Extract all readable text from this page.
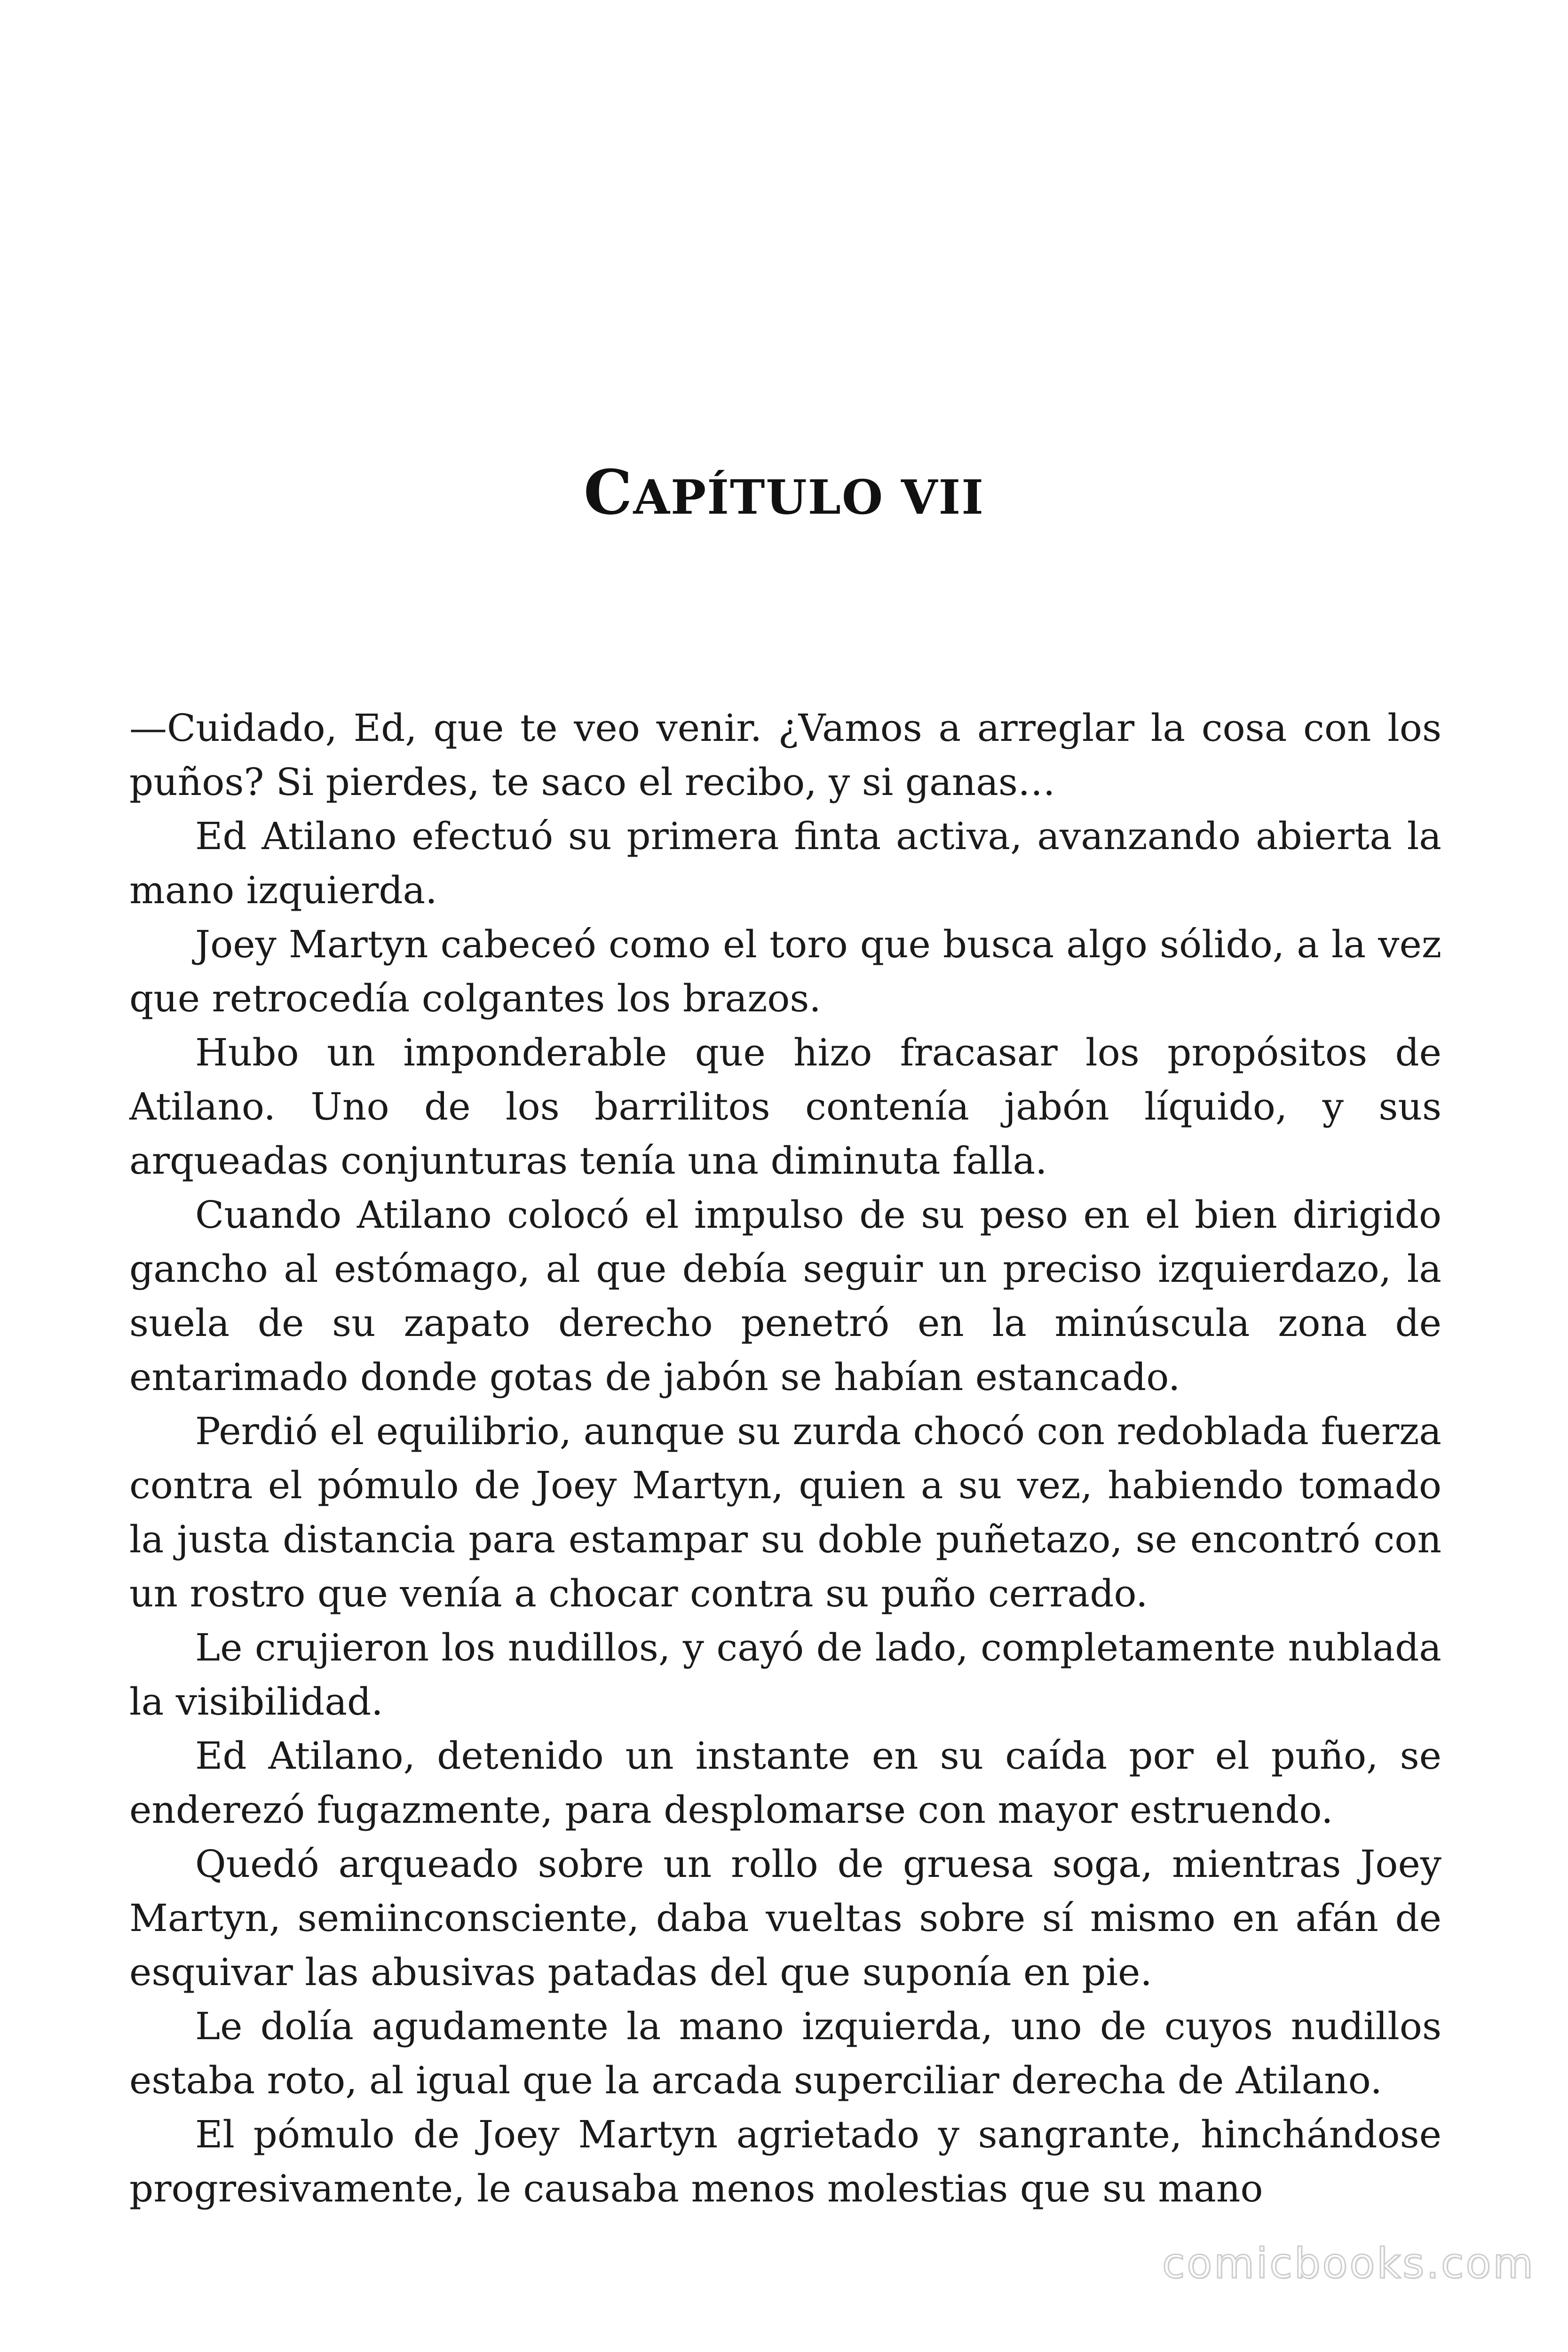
CAPÍTULO VII

—Cuidado, Ed, que te veo venir. ¿Vamos a arreglar la cosa con los puños? Si pierdes, te saco el recibo, y si ganas…

Ed Atilano efectuó su primera finta activa, avanzando abierta la mano izquierda.

Joey Martyn cabeceó como el toro que busca algo sólido, a la vez que retrocedía colgantes los brazos.

Hubo un imponderable que hizo fracasar los propósitos de Atilano. Uno de los barrilitos contenía jabón líquido, y sus arqueadas conjunturas tenía una diminuta falla.

Cuando Atilano colocó el impulso de su peso en el bien dirigido gancho al estómago, al que debía seguir un preciso izquierdazo, la suela de su zapato derecho penetró en la minúscula zona de entarimado donde gotas de jabón se habían estancado.

Perdió el equilibrio, aunque su zurda chocó con redoblada fuerza contra el pómulo de Joey Martyn, quien a su vez, habiendo tomado la justa distancia para estampar su doble puñetazo, se encontró con un rostro que venía a chocar contra su puño cerrado.

Le crujieron los nudillos, y cayó de lado, completamente nublada la visibilidad.

Ed Atilano, detenido un instante en su caída por el puño, se enderezó fugazmente, para desplomarse con mayor estruendo.

Quedó arqueado sobre un rollo de gruesa soga, mientras Joey Martyn, semiinconsciente, daba vueltas sobre sí mismo en afán de esquivar las abusivas patadas del que suponía en pie.

Le dolía agudamente la mano izquierda, uno de cuyos nudillos estaba roto, al igual que la arcada superciliar derecha de Atilano.

El pómulo de Joey Martyn agrietado y sangrante, hinchándose progresivamente, le causaba menos molestias que su mano

comicbooks.com
